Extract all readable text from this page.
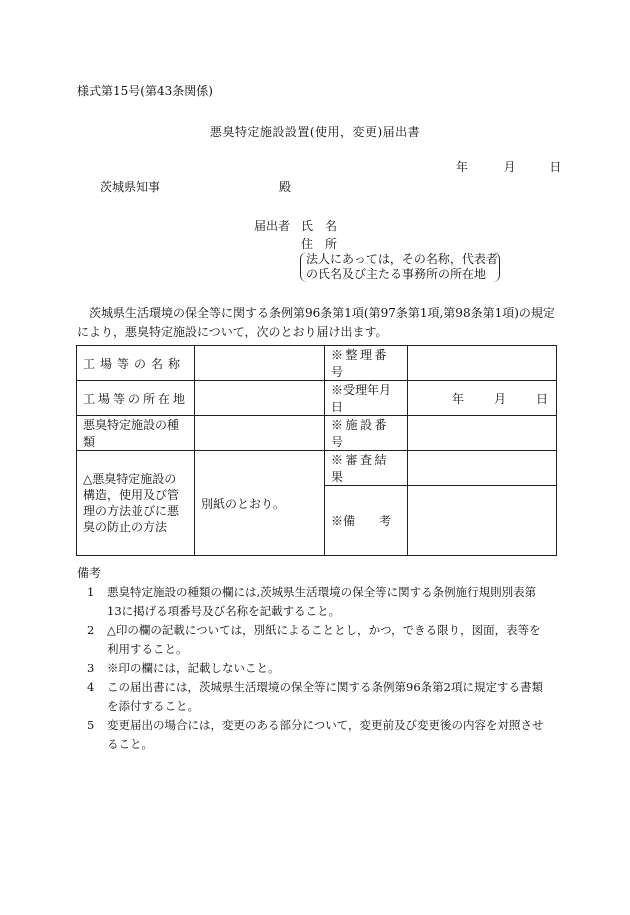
様式第15号(第43条関係)
悪臭特定施設設置(使用，変更)届出書
年	月	日
茨城県知事	殿
届出者 氏　名
住　所
法人にあっては，その名称，代表者
の氏名及び主たる事務所の所在地
茨城県生活環境の保全等に関する条例第96条第1項(第97条第1項,第98条第1項)の規定により，悪臭特定施設について，次のとおり届け出ます。
工場等の名称		※整理番号	
工場等の所在地		※受理年月日	年 月 日

悪臭特定施設の種類		※施設番号	

△悪臭特定施設の構造，使用及び管理の方法並びに悪臭の防止の方法	別紙のとおり。	※審査結果	
		※備　　考	
備考
1 悪臭特定施設の種類の欄には,茨城県生活環境の保全等に関する条例施行規則別表第
13に掲げる項番号及び名称を記載すること。
2 △印の欄の記載については，別紙によることとし，かつ，できる限り，図面，表等を
利用すること。
3 ※印の欄には，記載しないこと。
4 この届出書には，茨城県生活環境の保全等に関する条例第96条第2項に規定する書類
を添付すること。
5 変更届出の場合には，変更のある部分について，変更前及び変更後の内容を対照させ
ること。
